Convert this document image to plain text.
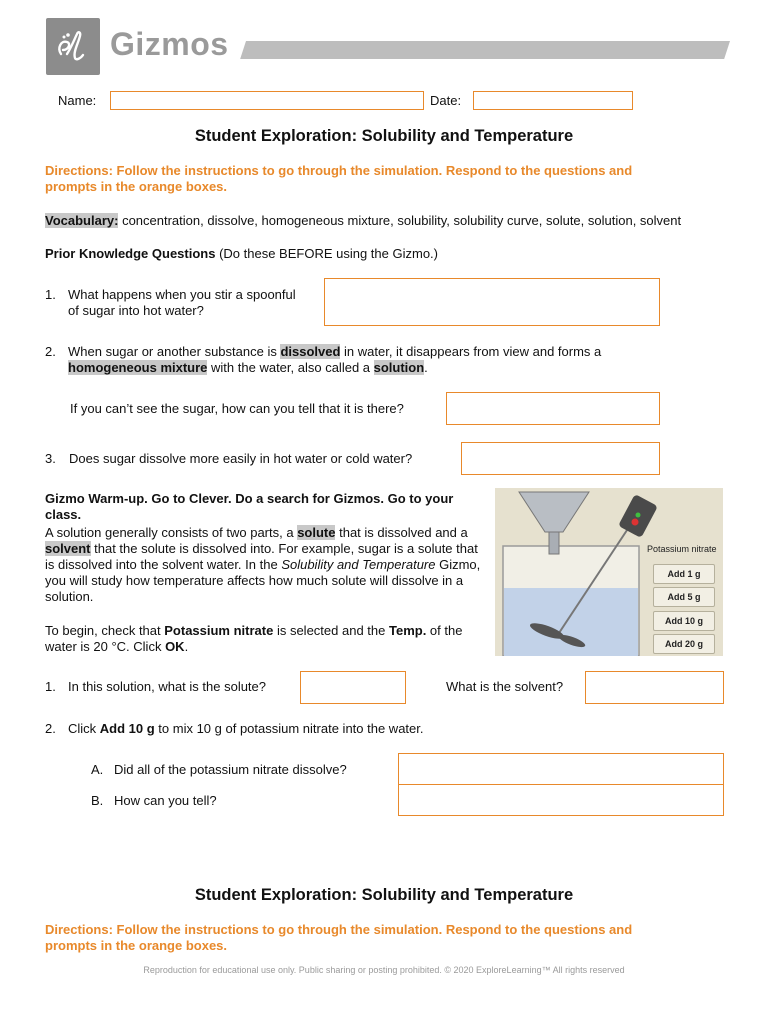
Gizmos
Name:	Date:
Student Exploration: Solubility and Temperature
Directions: Follow the instructions to go through the simulation. Respond to the questions and prompts in the orange boxes.
Vocabulary: concentration, dissolve, homogeneous mixture, solubility, solubility curve, solute, solution, solvent
Prior Knowledge Questions (Do these BEFORE using the Gizmo.)
1. What happens when you stir a spoonful
of sugar into hot water?
2. When sugar or another substance is dissolved in water, it disappears from view and forms a
homogeneous mixture with the water, also called a solution.
If you can’t see the sugar, how can you tell that it is there?
3. Does sugar dissolve more easily in hot water or cold water?
Gizmo Warm-up. Go to Clever. Do a search for Gizmos. Go to your class.
A solution generally consists of two parts, a solute that is dissolved and a solvent that the solute is dissolved into. For example, sugar is a solute that is dissolved into the solvent water. In the Solubility and Temperature Gizmo, you will study how temperature affects how much solute will dissolve in a solution.
To begin, check that Potassium nitrate is selected and the Temp. of the water is 20 °C. Click OK.
Potassium nitrate
Add 1 g
Add 5 g
Add 10 g
Add 20 g
1. In this solution, what is the solute?	What is the solvent?
2. Click Add 10 g to mix 10 g of potassium nitrate into the water.
A. Did all of the potassium nitrate dissolve?
B. How can you tell?
Student Exploration: Solubility and Temperature
Directions: Follow the instructions to go through the simulation. Respond to the questions and prompts in the orange boxes.
Reproduction for educational use only. Public sharing or posting prohibited. © 2020 ExploreLearning™ All rights reserved
